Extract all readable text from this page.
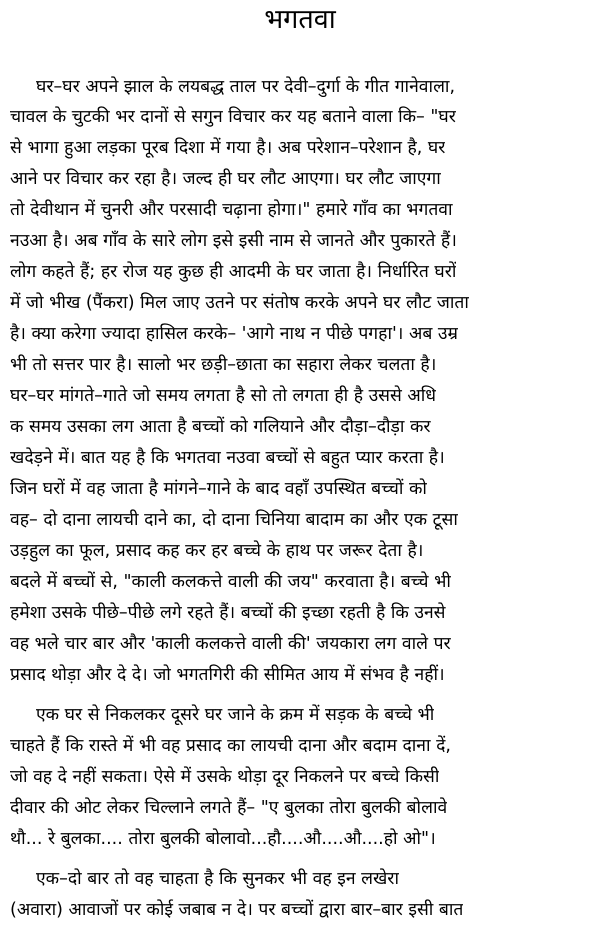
भगतवा
घर–घर अपने झाल के लयबद्ध ताल पर देवी–दुर्गा के गीत गानेवाला,
चावल के चुटकी भर दानों से सगुन विचार कर यह बताने वाला कि– "घर
से भागा हुआ लड़का पूरब दिशा में गया है। अब परेशान–परेशान है, घर
आने पर विचार कर रहा है। जल्द ही घर लौट आएगा। घर लौट जाएगा
तो देवीथान में चुनरी और परसादी चढ़ाना होगा।" हमारे गाँव का भगतवा
नउआ है। अब गाँव के सारे लोग इसे इसी नाम से जानते और पुकारते हैं।
लोग कहते हैं; हर रोज यह कुछ ही आदमी के घर जाता है। निर्धारित घरों
में जो भीख (पैंकरा) मिल जाए उतने पर संतोष करके अपने घर लौट जाता
है। क्या करेगा ज्यादा हासिल करके– 'आगे नाथ न पीछे पगहा'। अब उम्र
भी तो सत्तर पार है। सालो भर छड़ी–छाता का सहारा लेकर चलता है।
घर–घर मांगते–गाते जो समय लगता है सो तो लगता ही है उससे अधि
क समय उसका लग आता है बच्चों को गलियाने और दौड़ा–दौड़ा कर
खदेड़ने में। बात यह है कि भगतवा नउवा बच्चों से बहुत प्यार करता है।
जिन घरों में वह जाता है मांगने–गाने के बाद वहाँ उपस्थित बच्चों को
वह– दो दाना लायची दाने का, दो दाना चिनिया बादाम का और एक टूसा
उड़हुल का फूल, प्रसाद कह कर हर बच्चे के हाथ पर जरूर देता है।
बदले में बच्चों से, "काली कलकत्ते वाली की जय" करवाता है। बच्चे भी
हमेशा उसके पीछे–पीछे लगे रहते हैं। बच्चों की इच्छा रहती है कि उनसे
वह भले चार बार और 'काली कलकत्ते वाली की' जयकारा लग वाले पर
प्रसाद थोड़ा और दे दे। जो भगतगिरी की सीमित आय में संभव है नहीं।
एक घर से निकलकर दूसरे घर जाने के क्रम में सड़क के बच्चे भी
चाहते हैं कि रास्ते में भी वह प्रसाद का लायची दाना और बदाम दाना दें,
जो वह दे नहीं सकता। ऐसे में उसके थोड़ा दूर निकलने पर बच्चे किसी
दीवार की ओट लेकर चिल्लाने लगते हैं– "ए बुलका तोरा बुलकी बोलावे
थौ... रे बुलका.... तोरा बुलकी बोलावो...हौ....औ....औ....हो ओ"।
एक–दो बार तो वह चाहता है कि सुनकर भी वह इन लखेरा
(अवारा) आवाजों पर कोई जबाब न दे। पर बच्चों द्वारा बार–बार इसी बात
